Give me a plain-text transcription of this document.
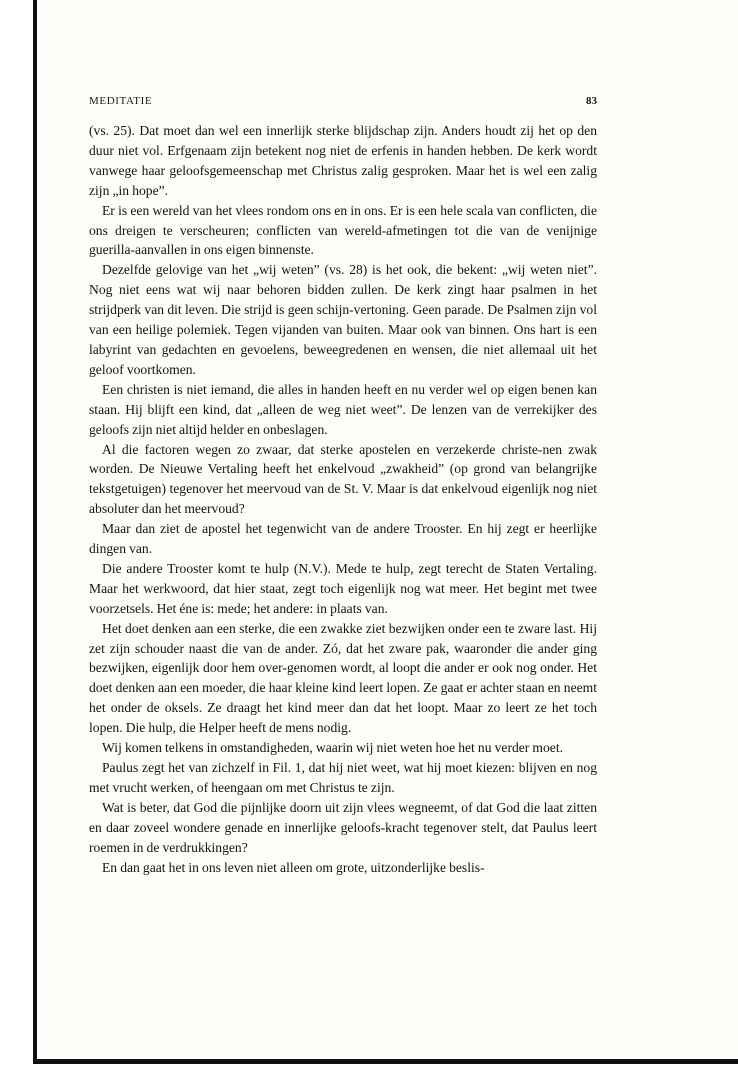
MEDITATIE	83

(vs. 25). Dat moet dan wel een innerlijk sterke blijdschap zijn. Anders houdt zij het op den duur niet vol. Erfgenaam zijn betekent nog niet de erfenis in handen hebben. De kerk wordt vanwege haar geloofsgemeenschap met Christus zalig gesproken. Maar het is wel een zalig zijn „in hope”.

Er is een wereld van het vlees rondom ons en in ons. Er is een hele scala van conflicten, die ons dreigen te verscheuren; conflicten van wereld-afmetingen tot die van de venijnige guerilla-aanvallen in ons eigen binnenste.

Dezelfde gelovige van het „wij weten” (vs. 28) is het ook, die bekent: „wij weten niet”. Nog niet eens wat wij naar behoren bidden zullen. De kerk zingt haar psalmen in het strijdperk van dit leven. Die strijd is geen schijn-vertoning. Geen parade. De Psalmen zijn vol van een heilige polemiek. Tegen vijanden van buiten. Maar ook van binnen. Ons hart is een labyrint van gedachten en gevoelens, beweegredenen en wensen, die niet allemaal uit het geloof voortkomen.

Een christen is niet iemand, die alles in handen heeft en nu verder wel op eigen benen kan staan. Hij blijft een kind, dat „alleen de weg niet weet”. De lenzen van de verrekijker des geloofs zijn niet altijd helder en onbeslagen.

Al die factoren wegen zo zwaar, dat sterke apostelen en verzekerde christe-nen zwak worden. De Nieuwe Vertaling heeft het enkelvoud „zwakheid” (op grond van belangrijke tekstgetuigen) tegenover het meervoud van de St. V. Maar is dat enkelvoud eigenlijk nog niet absoluter dan het meervoud?

Maar dan ziet de apostel het tegenwicht van de andere Trooster. En hij zegt er heerlijke dingen van.

Die andere Trooster komt te hulp (N.V.). Mede te hulp, zegt terecht de Staten Vertaling. Maar het werkwoord, dat hier staat, zegt toch eigenlijk nog wat meer. Het begint met twee voorzetsels. Het éne is: mede; het andere: in plaats van.

Het doet denken aan een sterke, die een zwakke ziet bezwijken onder een te zware last. Hij zet zijn schouder naast die van de ander. Zó, dat het zware pak, waaronder die ander ging bezwijken, eigenlijk door hem over-genomen wordt, al loopt die ander er ook nog onder. Het doet denken aan een moeder, die haar kleine kind leert lopen. Ze gaat er achter staan en neemt het onder de oksels. Ze draagt het kind meer dan dat het loopt. Maar zo leert ze het toch lopen. Die hulp, die Helper heeft de mens nodig.

Wij komen telkens in omstandigheden, waarin wij niet weten hoe het nu verder moet.

Paulus zegt het van zichzelf in Fil. 1, dat hij niet weet, wat hij moet kiezen: blijven en nog met vrucht werken, of heengaan om met Christus te zijn.

Wat is beter, dat God die pijnlijke doorn uit zijn vlees wegneemt, of dat God die laat zitten en daar zoveel wondere genade en innerlijke geloofs-kracht tegenover stelt, dat Paulus leert roemen in de verdrukkingen?

En dan gaat het in ons leven niet alleen om grote, uitzonderlijke beslis-
